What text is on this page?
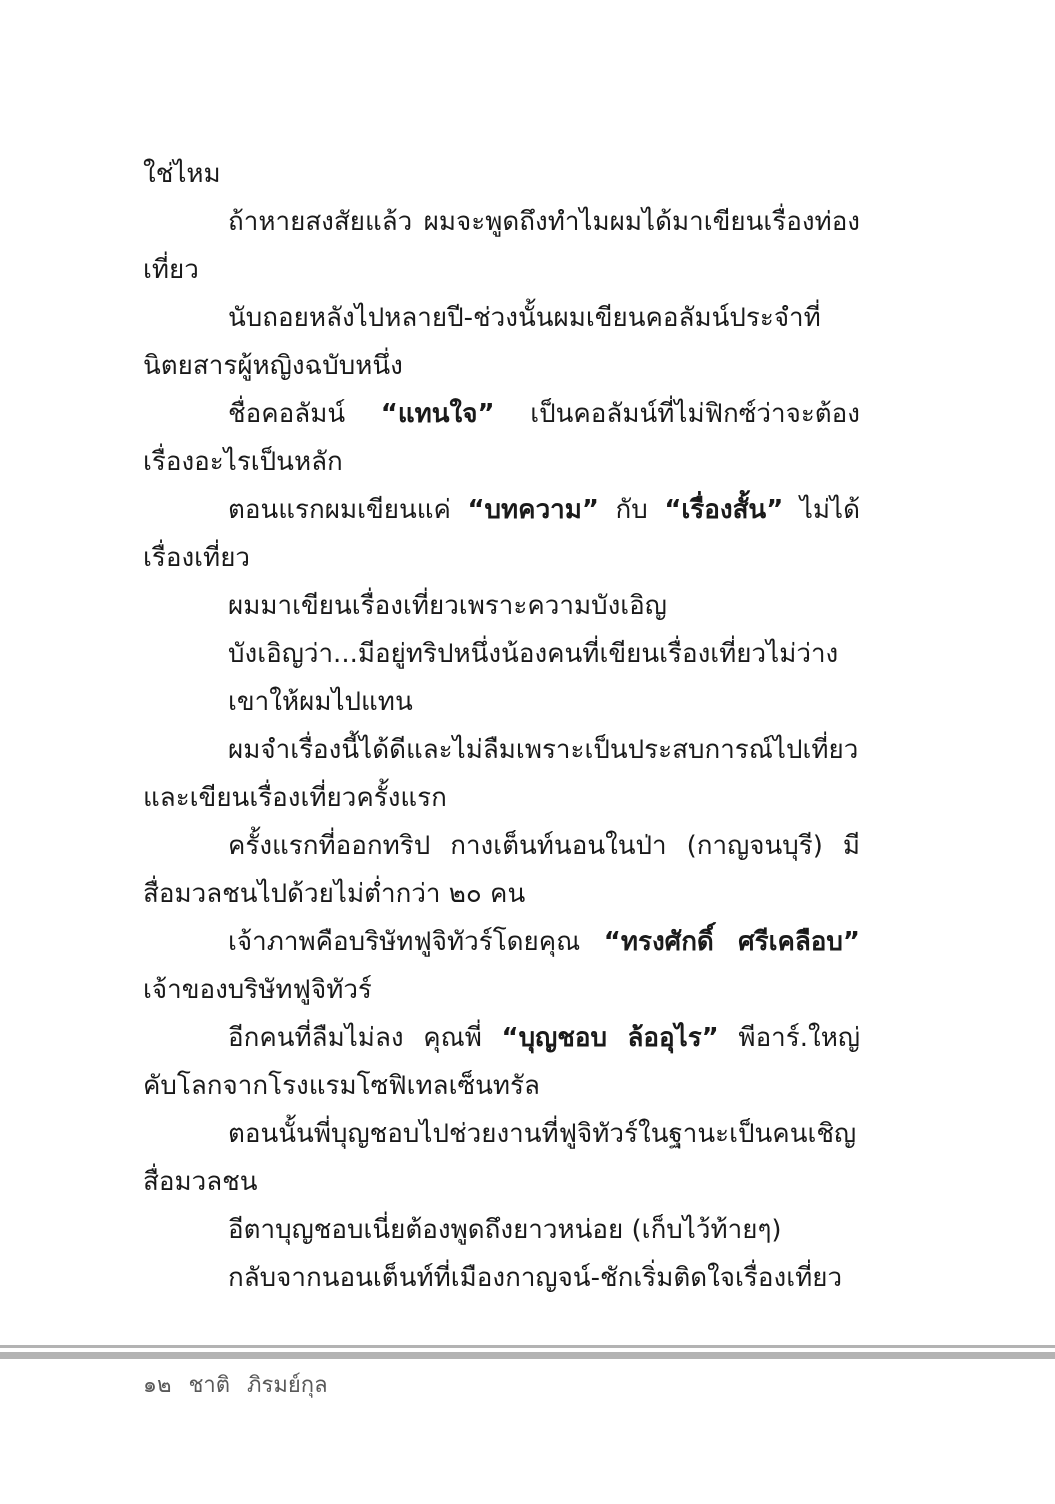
ใช่ไหม
ถ้าหายสงสัยแล้ว ผมจะพูดถึงทำไมผมได้มาเขียนเรื่องท่อง
เที่ยว
นับถอยหลังไปหลายปี-ช่วงนั้นผมเขียนคอลัมน์ประจำที่
นิตยสารผู้หญิงฉบับหนึ่ง
ชื่อคอลัมน์ “แทนใจ” เป็นคอลัมน์ที่ไม่ฟิกซ์ว่าจะต้อง
เรื่องอะไรเป็นหลัก
ตอนแรกผมเขียนแค่ “บทความ” กับ “เรื่องสั้น” ไม่ได้
เรื่องเที่ยว
ผมมาเขียนเรื่องเที่ยวเพราะความบังเอิญ
บังเอิญว่า...มีอยู่ทริปหนึ่งน้องคนที่เขียนเรื่องเที่ยวไม่ว่าง
เขาให้ผมไปแทน
ผมจำเรื่องนี้ได้ดีและไม่ลืมเพราะเป็นประสบการณ์ไปเที่ยว
และเขียนเรื่องเที่ยวครั้งแรก
ครั้งแรกที่ออกทริป กางเต็นท์นอนในป่า (กาญจนบุรี) มี
สื่อมวลชนไปด้วยไม่ต่ำกว่า ๒๐ คน
เจ้าภาพคือบริษัทฟูจิทัวร์โดยคุณ “ทรงศักดิ์ ศรีเคลือบ”
เจ้าของบริษัทฟูจิทัวร์
อีกคนที่ลืมไม่ลง คุณพี่ “บุญชอบ ล้ออุไร” พีอาร์.ใหญ่
คับโลกจากโรงแรมโซฟิเทลเซ็นทรัล
ตอนนั้นพี่บุญชอบไปช่วยงานที่ฟูจิทัวร์ในฐานะเป็นคนเชิญ
สื่อมวลชน
อีตาบุญชอบเนี่ยต้องพูดถึงยาวหน่อย (เก็บไว้ท้ายๆ)
กลับจากนอนเต็นท์ที่เมืองกาญจน์-ชักเริ่มติดใจเรื่องเที่ยว
๑๒ ชาติ ภิรมย์กุล
